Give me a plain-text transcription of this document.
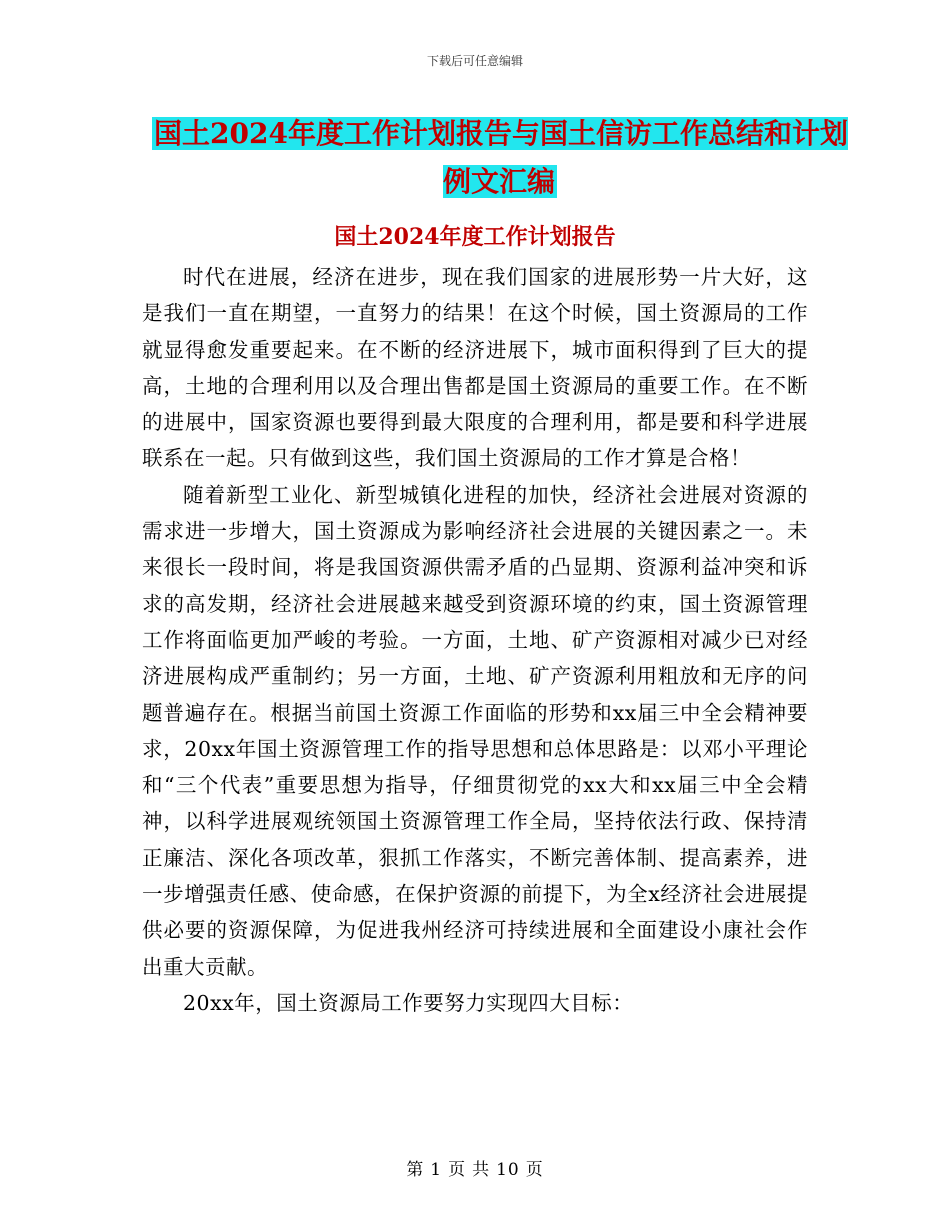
下载后可任意编辑
国土2024年度工作计划报告与国土信访工作总结和计划例文汇编
国土2024年度工作计划报告

时代在进展，经济在进步，现在我们国家的进展形势一片大好，这是我们一直在期望，一直努力的结果！在这个时候，国土资源局的工作就显得愈发重要起来。在不断的经济进展下，城市面积得到了巨大的提高，土地的合理利用以及合理出售都是国土资源局的重要工作。在不断的进展中，国家资源也要得到最大限度的合理利用，都是要和科学进展联系在一起。只有做到这些，我们国土资源局的工作才算是合格！

随着新型工业化、新型城镇化进程的加快，经济社会进展对资源的需求进一步增大，国土资源成为影响经济社会进展的关键因素之一。未来很长一段时间，将是我国资源供需矛盾的凸显期、资源利益冲突和诉求的高发期，经济社会进展越来越受到资源环境的约束，国土资源管理工作将面临更加严峻的考验。一方面，土地、矿产资源相对减少已对经济进展构成严重制约；另一方面，土地、矿产资源利用粗放和无序的问题普遍存在。根据当前国土资源工作面临的形势和xx届三中全会精神要求，20xx年国土资源管理工作的指导思想和总体思路是：以邓小平理论和“三个代表”重要思想为指导，仔细贯彻党的xx大和xx届三中全会精神，以科学进展观统领国土资源管理工作全局，坚持依法行政、保持清正廉洁、深化各项改革，狠抓工作落实，不断完善体制、提高素养，进一步增强责任感、使命感，在保护资源的前提下，为全x经济社会进展提供必要的资源保障，为促进我州经济可持续进展和全面建设小康社会作出重大贡献。

20xx年，国土资源局工作要努力实现四大目标：

第 1 页 共 10 页
